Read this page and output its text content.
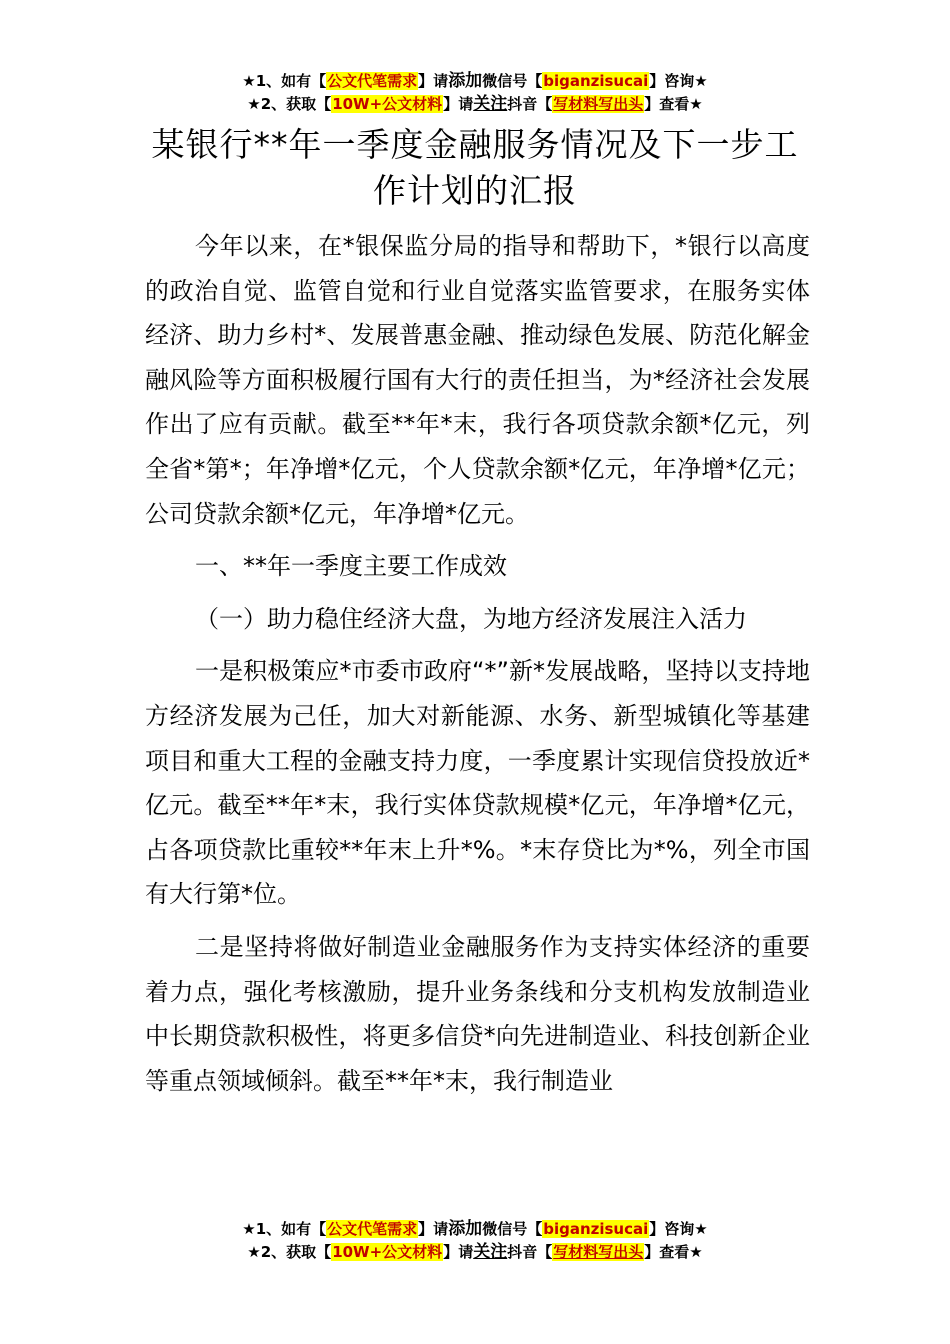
★1、如有【公文代笔需求】请添加微信号【biganzisucai】咨询★
★2、获取【10W+公文材料】请关注抖音【写材料写出头】查看★
某银行**年一季度金融服务情况及下一步工
作计划的汇报

今年以来，在*银保监分局的指导和帮助下，*银行以高度的政治自觉、监管自觉和行业自觉落实监管要求，在服务实体经济、助力乡村*、发展普惠金融、推动绿色发展、防范化解金融风险等方面积极履行国有大行的责任担当，为*经济社会发展作出了应有贡献。截至**年*末，我行各项贷款余额*亿元，列全省*第*；年净增*亿元，个人贷款余额*亿元，年净增*亿元；公司贷款余额*亿元，年净增*亿元。

一、**年一季度主要工作成效

（一）助力稳住经济大盘，为地方经济发展注入活力

一是积极策应*市委市政府“*”新*发展战略，坚持以支持地方经济发展为己任，加大对新能源、水务、新型城镇化等基建项目和重大工程的金融支持力度，一季度累计实现信贷投放近*亿元。截至**年*末，我行实体贷款规模*亿元，年净增*亿元，占各项贷款比重较**年末上升*%。*末存贷比为*%，列全市国有大行第*位。

二是坚持将做好制造业金融服务作为支持实体经济的重要着力点，强化考核激励，提升业务条线和分支机构发放制造业中长期贷款积极性，将更多信贷*向先进制造业、科技创新企业等重点领域倾斜。截至**年*末，我行制造业

★1、如有【公文代笔需求】请添加微信号【biganzisucai】咨询★
★2、获取【10W+公文材料】请关注抖音【写材料写出头】查看★
